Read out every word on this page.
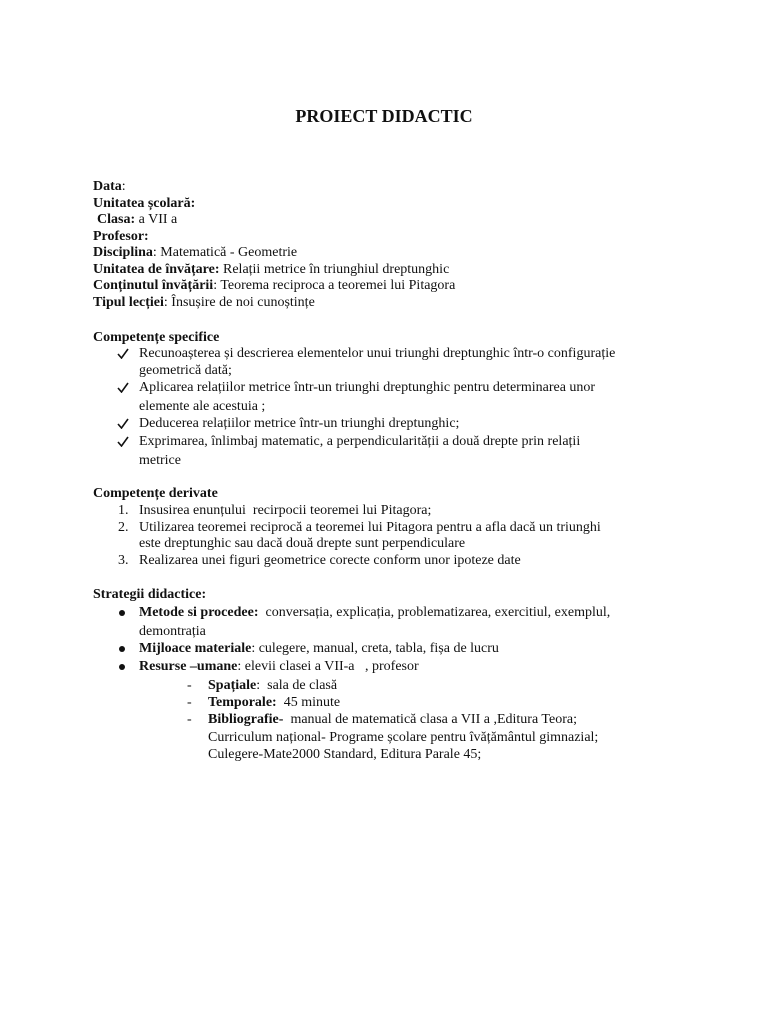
PROIECT DIDACTIC
Data:
Unitatea școlară:
Clasa: a VII a
Profesor:
Disciplina: Matematică - Geometrie
Unitatea de învățare: Relații metrice în triunghiul dreptunghic
Conținutul învățării: Teorema reciproca a teoremei lui Pitagora
Tipul lecției: Însușire de noi cunoștințe
Competențe specifice
Recunoașterea și descrierea elementelor unui triunghi dreptunghic într-o configurație
geometrică dată;
Aplicarea relațiilor metrice într-un triunghi dreptunghic pentru determinarea unor
elemente ale acestuia ;
Deducerea relațiilor metrice într-un triunghi dreptunghic;
Exprimarea, înlimbaj matematic, a perpendicularității a două drepte prin relații
metrice
Competențe derivate
1. Insusirea enunțului  recirpocii teoremei lui Pitagora;
2. Utilizarea teoremei reciprocă a teoremei lui Pitagora pentru a afla dacă un triunghi
este dreptunghic sau dacă două drepte sunt perpendiculare
3. Realizarea unei figuri geometrice corecte conform unor ipoteze date
Strategii didactice:
Metode si procedee:  conversația, explicația, problematizarea, exercitiul, exemplul,
demontrația
Mijloace materiale: culegere, manual, creta, tabla, fișa de lucru
Resurse –umane: elevii clasei a VII-a   , profesor
- Spațiale:  sala de clasă
- Temporale:  45 minute
- Bibliografie-  manual de matematică clasa a VII a ,Editura Teora;
Curriculum național- Programe școlare pentru îvățământul gimnazial;
Culegere-Mate2000 Standard, Editura Parale 45;
